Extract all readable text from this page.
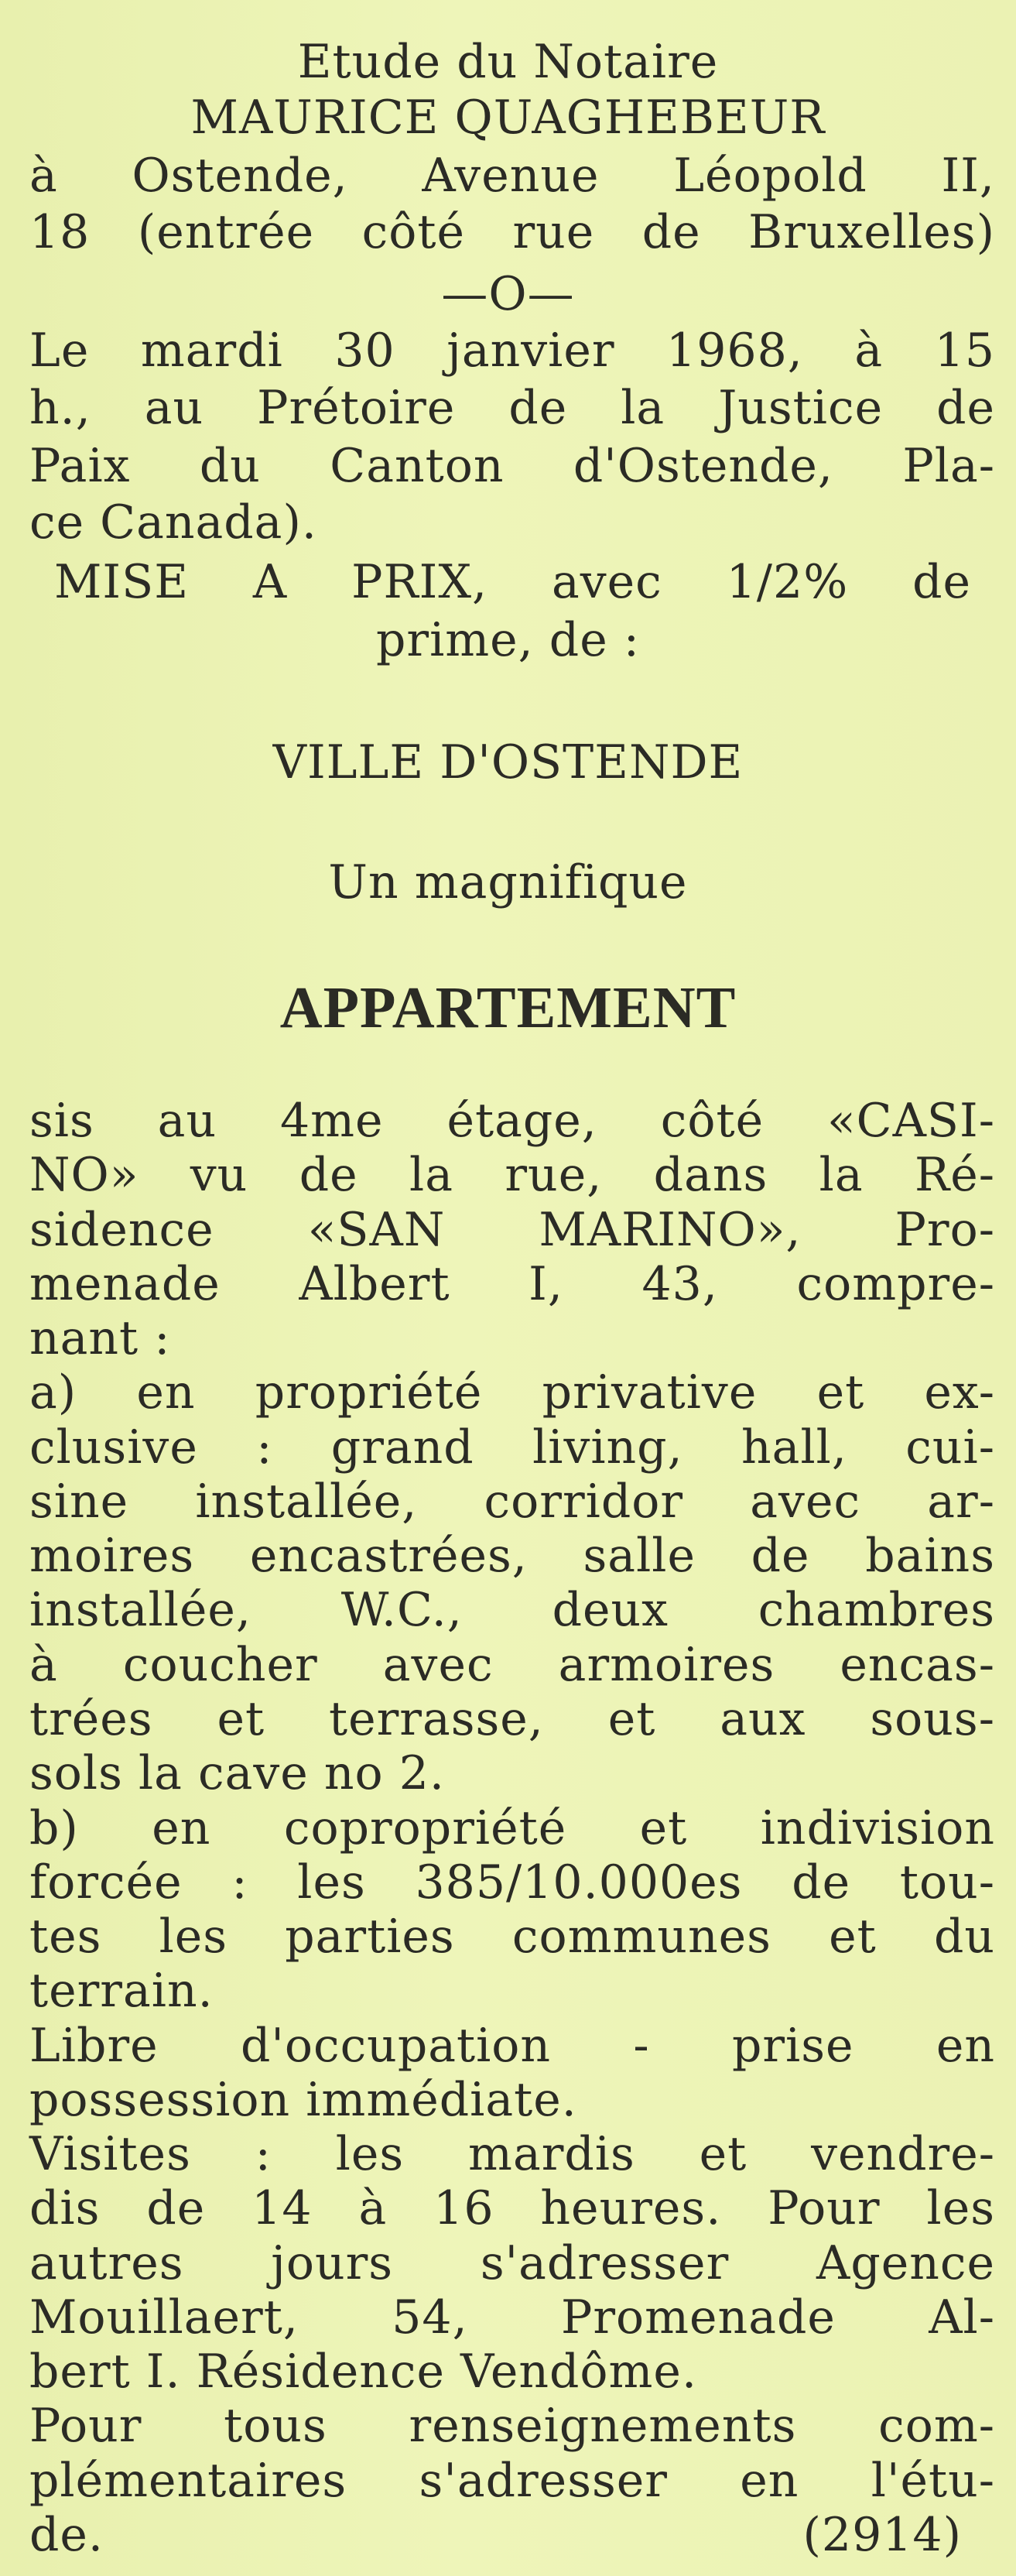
Etude du Notaire
MAURICE QUAGHEBEUR
à Ostende, Avenue Léopold II,
18 (entrée côté rue de Bruxelles)
—O—
Le mardi 30 janvier 1968, à 15
h., au Prétoire de la Justice de
Paix du Canton d'Ostende, Pla-
ce Canada).
MISE A PRIX, avec 1/2% de
prime, de :
VILLE D'OSTENDE
Un magnifique
APPARTEMENT
sis au 4me étage, côté «CASI-
NO» vu de la rue, dans la Ré-
sidence «SAN MARINO», Pro-
menade Albert I, 43, compre-
nant :
a) en propriété privative et ex-
clusive : grand living, hall, cui-
sine installée, corridor avec ar-
moires encastrées, salle de bains
installée, W.C., deux chambres
à coucher avec armoires encas-
trées et terrasse, et aux sous-
sols la cave no 2.
b) en copropriété et indivision
forcée : les 385/10.000es de tou-
tes les parties communes et du
terrain.
Libre d'occupation - prise en
possession immédiate.
Visites : les mardis et vendre-
dis de 14 à 16 heures. Pour les
autres jours s'adresser Agence
Mouillaert, 54, Promenade Al-
bert I. Résidence Vendôme.
Pour tous renseignements com-
plémentaires s'adresser en l'étu-
de.	(2914)
